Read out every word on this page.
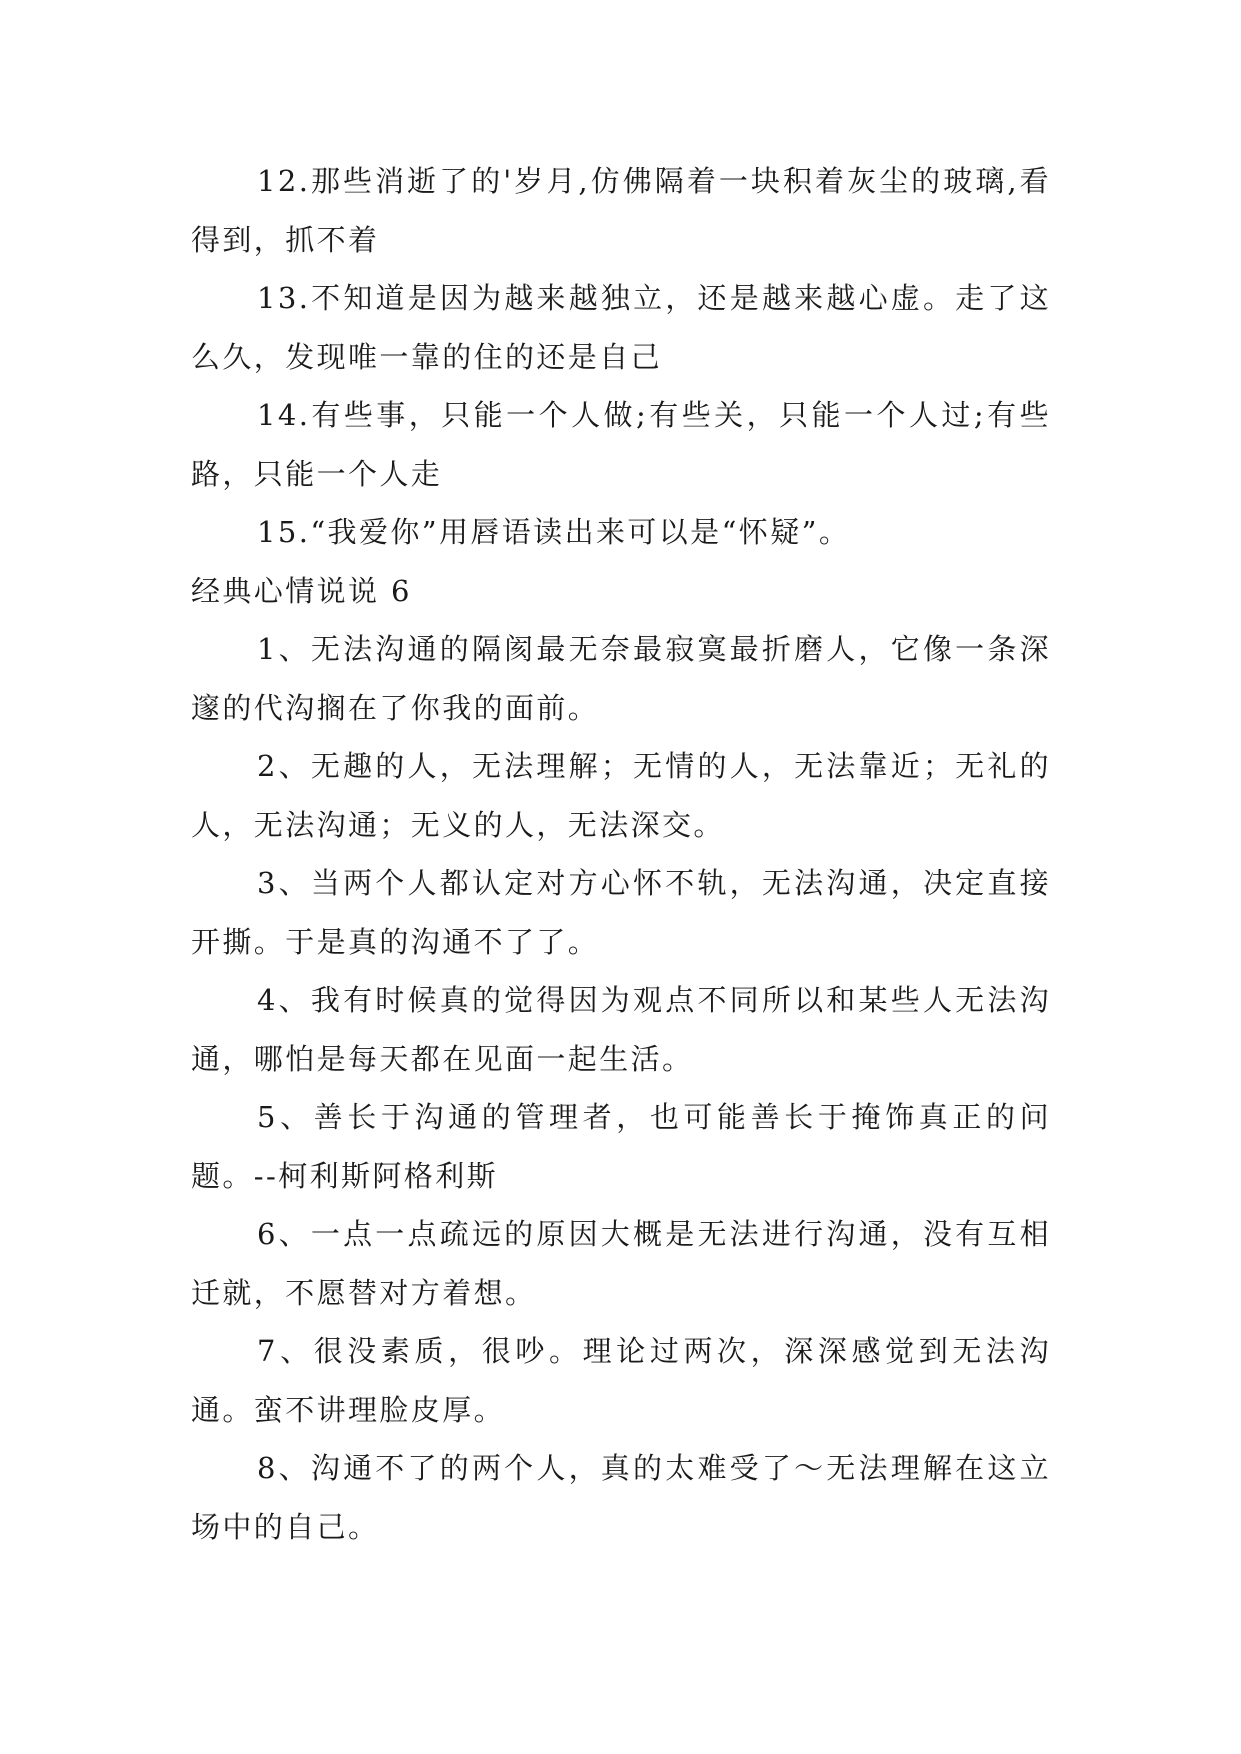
12.那些消逝了的'岁月,仿佛隔着一块积着灰尘的玻璃,看得到，抓不着

13.不知道是因为越来越独立，还是越来越心虚。走了这么久，发现唯一靠的住的还是自己

14.有些事，只能一个人做;有些关，只能一个人过;有些路，只能一个人走

15.“我爱你”用唇语读出来可以是“怀疑”。

经典心情说说 6

1、无法沟通的隔阂最无奈最寂寞最折磨人，它像一条深邃的代沟搁在了你我的面前。

2、无趣的人，无法理解；无情的人，无法靠近；无礼的人，无法沟通；无义的人，无法深交。

3、当两个人都认定对方心怀不轨，无法沟通，决定直接开撕。于是真的沟通不了了。

4、我有时候真的觉得因为观点不同所以和某些人无法沟通，哪怕是每天都在见面一起生活。

5、善长于沟通的管理者，也可能善长于掩饰真正的问题。--柯利斯阿格利斯

6、一点一点疏远的原因大概是无法进行沟通，没有互相迁就，不愿替对方着想。

7、很没素质，很吵。理论过两次，深深感觉到无法沟通。蛮不讲理脸皮厚。

8、沟通不了的两个人，真的太难受了～无法理解在这立场中的自己。
